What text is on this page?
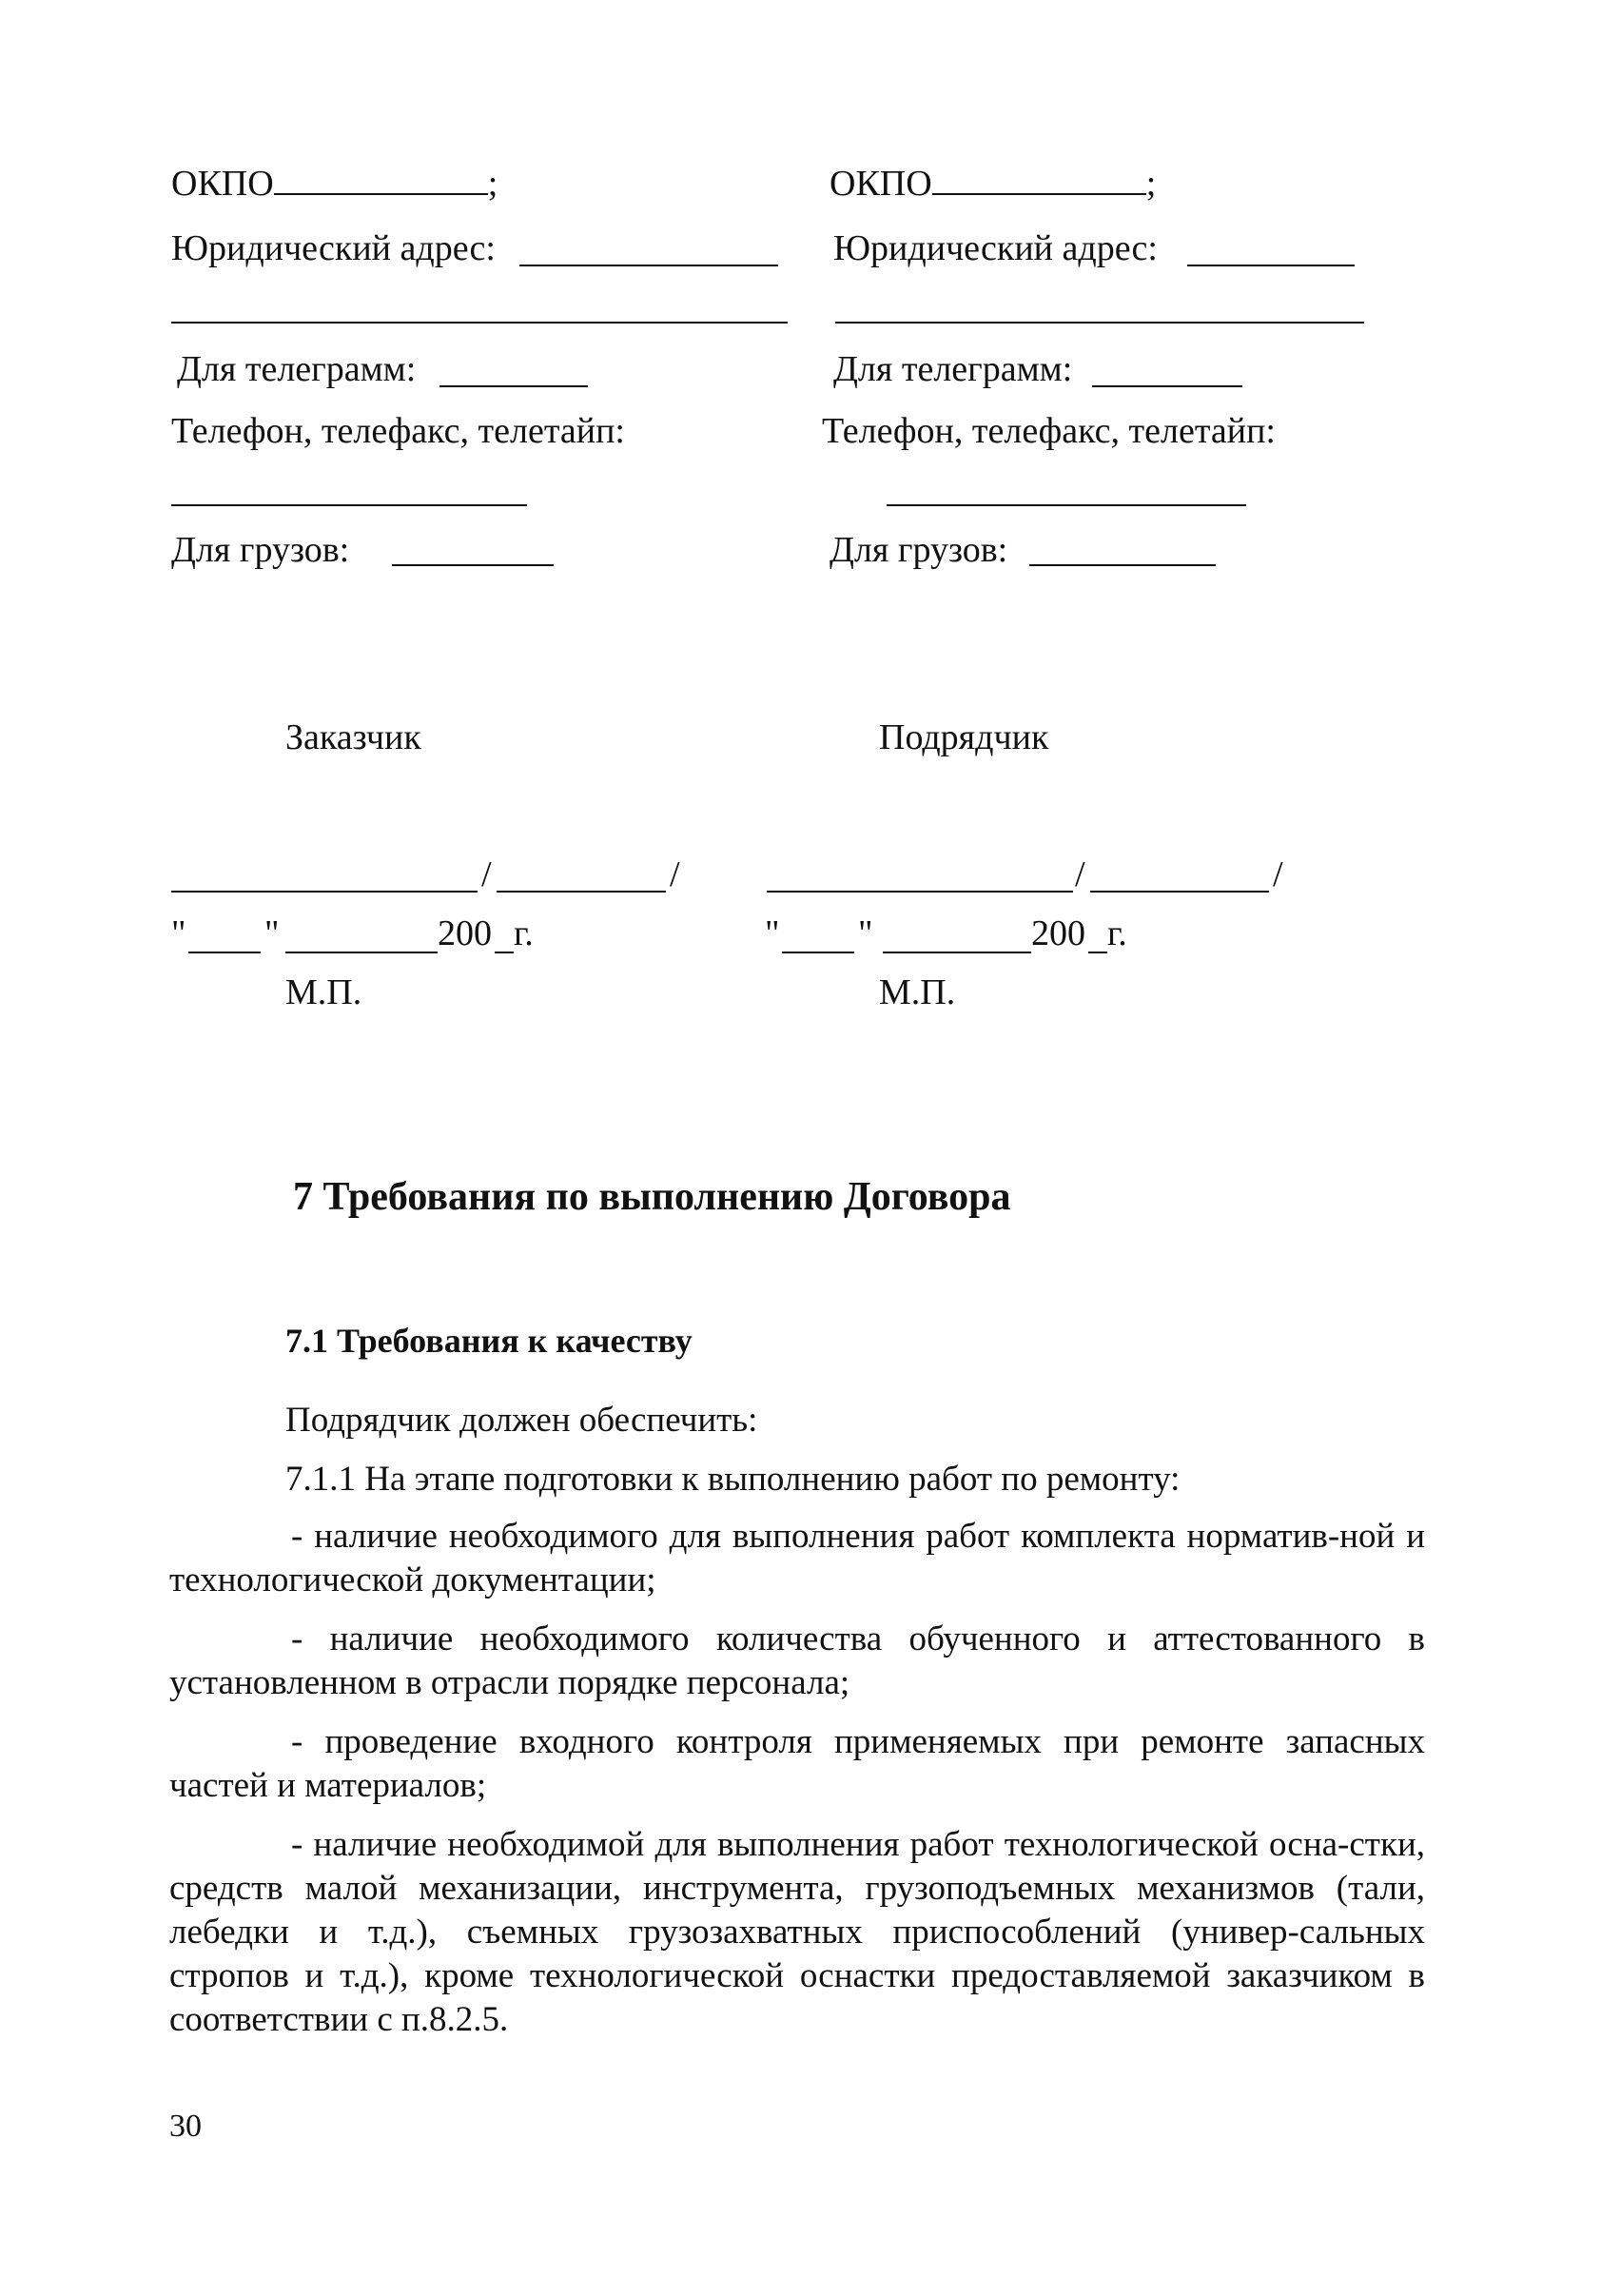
ОКПО	;
Юридический адрес:
Для телеграмм:
Телефон, телефакс, телетайп:
Для грузов:
Заказчик
/	/
" "	200 г.
М.П.
ОКПО	;
Юридический адрес:
Для телеграмм:
Телефон, телефакс, телетайп:
Для грузов:
Подрядчик
/	/
" "	200 г.
М.П.
7 Требования по выполнению Договора
7.1 Требования к качеству
Подрядчик должен обеспечить:
7.1.1 На этапе подготовки к выполнению работ по ремонту:
- наличие необходимого для выполнения работ комплекта норматив-ной и технологической документации;
- наличие необходимого количества обученного и аттестованного в установленном в отрасли порядке персонала;
- проведение входного контроля применяемых при ремонте запасных частей и материалов;
- наличие необходимой для выполнения работ технологической осна-стки, средств малой механизации, инструмента, грузоподъемных механизмов (тали, лебедки и т.д.), съемных грузозахватных приспособлений (универ-сальных стропов и т.д.), кроме технологической оснастки предоставляемой заказчиком в соответствии с п.8.2.5.
30
